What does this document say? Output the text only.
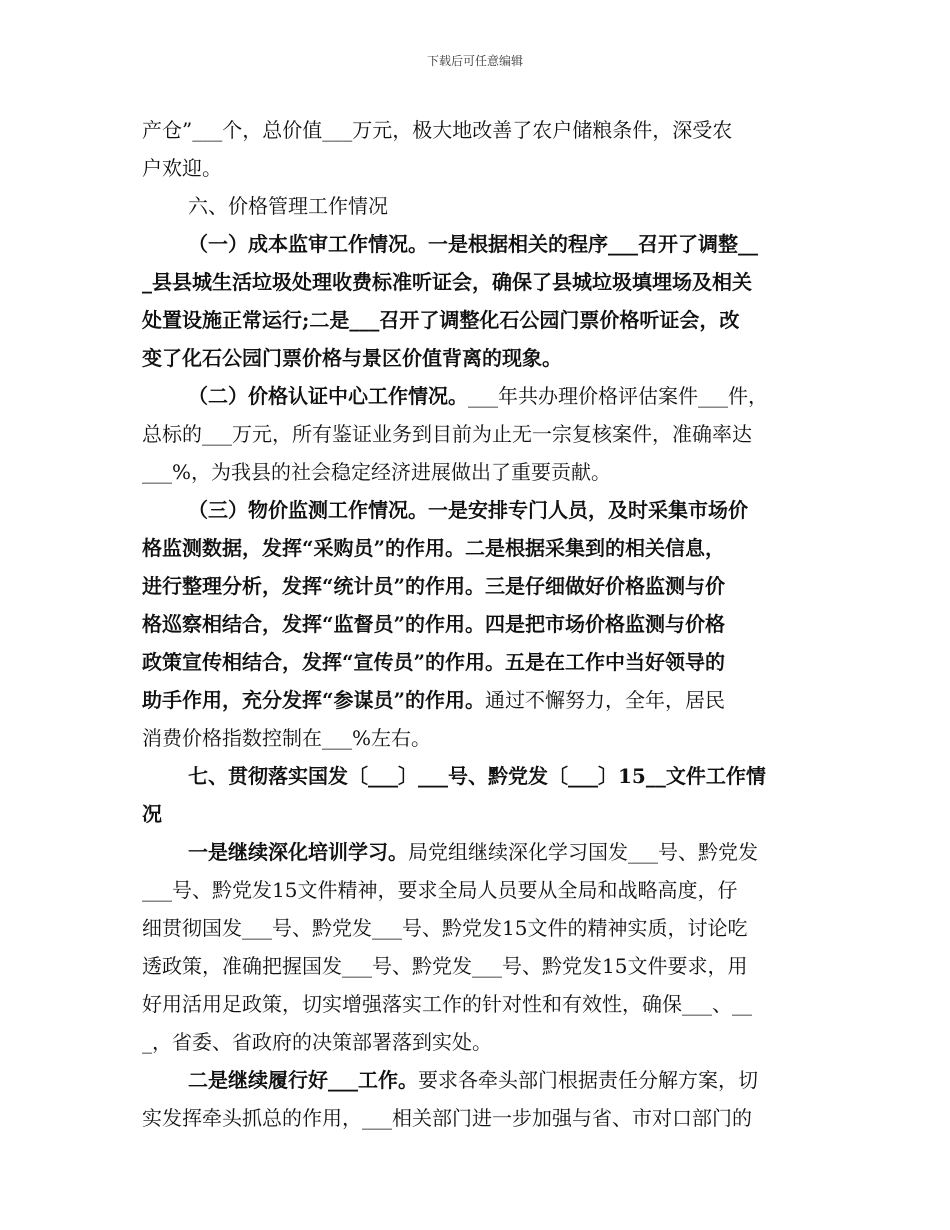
下载后可任意编辑
产仓”___个，总价值___万元，极大地改善了农户储粮条件，深受农
户欢迎。
六、价格管理工作情况
（一）成本监审工作情况。一是根据相关的程序___召开了调整__
_县县城生活垃圾处理收费标准听证会，确保了县城垃圾填埋场及相关
处置设施正常运行;二是___召开了调整化石公园门票价格听证会，改
变了化石公园门票价格与景区价值背离的现象。
（二）价格认证中心工作情况。___年共办理价格评估案件___件，
总标的___万元，所有鉴证业务到目前为止无一宗复核案件，准确率达
___%，为我县的社会稳定经济进展做出了重要贡献。
（三）物价监测工作情况。一是安排专门人员，及时采集市场价
格监测数据，发挥“采购员”的作用。二是根据采集到的相关信息，
进行整理分析，发挥“统计员”的作用。三是仔细做好价格监测与价
格巡察相结合，发挥“监督员”的作用。四是把市场价格监测与价格
政策宣传相结合，发挥“宣传员”的作用。五是在工作中当好领导的
助手作用，充分发挥“参谋员”的作用。通过不懈努力，全年，居民
消费价格指数控制在___%左右。
七、贯彻落实国发〔___〕___号、黔党发〔___〕15__文件工作情
况
一是继续深化培训学习。局党组继续深化学习国发___号、黔党发
___号、黔党发15文件精神，要求全局人员要从全局和战略高度，仔
细贯彻国发___号、黔党发___号、黔党发15文件的精神实质，讨论吃
透政策，准确把握国发___号、黔党发___号、黔党发15文件要求，用
好用活用足政策，切实增强落实工作的针对性和有效性，确保___、__
_，省委、省政府的决策部署落到实处。
二是继续履行好___工作。要求各牵头部门根据责任分解方案，切
实发挥牵头抓总的作用，___相关部门进一步加强与省、市对口部门的
